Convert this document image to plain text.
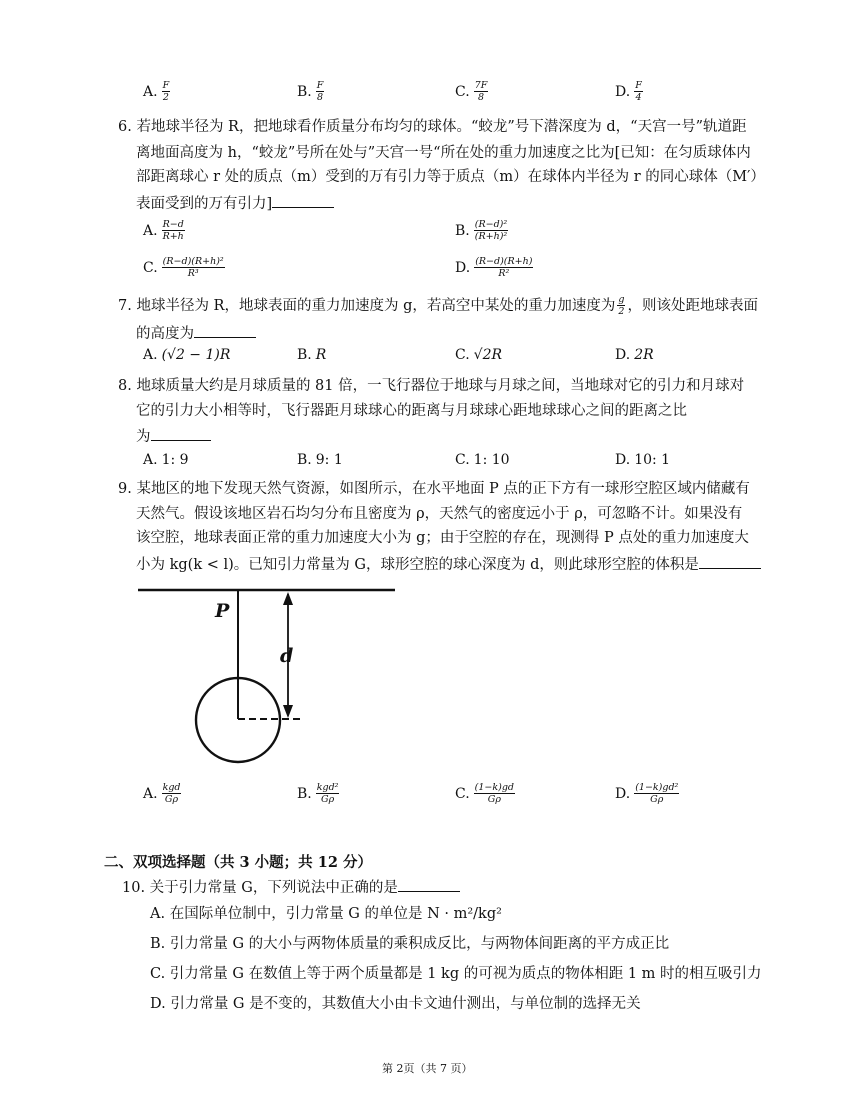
A. $\frac{F}{2}$	B. $\frac{F}{8}$	C. $\frac{7F}{8}$	D. $\frac{F}{4}$
6. 若地球半径为 R，把地球看作质量分布均匀的球体。“蛟龙”号下潜深度为 d，“天宫一号”轨道距
离地面高度为 h，“蛟龙”号所在处与”天宫一号“所在处的重力加速度之比为[已知：在匀质球体内
部距离球心 r 处的质点（m）受到的万有引力等于质点（m）在球体内半径为 r 的同心球体（M′）
表面受到的万有引力]
A. $\frac{R-d}{R+h}$	B. $\frac{\text{(R−d)²}}{\text{(R+h)²}}$
C. $\frac{\text{(R−d)(R+h)²}}{\text{R³}}$	D. $\frac{(R-d)(R+h)}{\text{R²}}$
7. 地球半径为 R，地球表面的重力加速度为 g，若高空中某处的重力加速度为 $\frac{g}{2}$ ，则该处距地球表面
的高度为
A. (√2 − 1)R	B. R	C. √2R	D. 2R
8. 地球质量大约是月球质量的 81 倍，一飞行器位于地球与月球之间，当地球对它的引力和月球对
它的引力大小相等时，飞行器距月球球心的距离与月球球心距地球球心之间的距离之比
为
A. 1: 9	B. 9: 1	C. 1: 10	D. 10: 1
9. 某地区的地下发现天然气资源，如图所示，在水平地面 P 点的正下方有一球形空腔区域内储藏有
天然气。假设该地区岩石均匀分布且密度为 ρ，天然气的密度远小于 ρ，可忽略不计。如果没有
该空腔，地球表面正常的重力加速度大小为 g；由于空腔的存在，现测得 P 点处的重力加速度大
小为 kg(k < l)。已知引力常量为 G，球形空腔的球心深度为 d，则此球形空腔的体积是
P
d
A. $\frac{\text{kgd}}{G\rho}$	B. $\frac{\text{kgd²}}{G\rho}$	C. $\frac{(1-k)gd}{G\rho}$	D. $\frac{\text{(1−k)gd²}}{G\rho}$
二、双项选择题（共 3 小题；共 12 分）
10. 关于引力常量 G，下列说法中正确的是
A. 在国际单位制中，引力常量 G 的单位是 N · m²/kg²
B. 引力常量 G 的大小与两物体质量的乘积成反比，与两物体间距离的平方成正比
C. 引力常量 G 在数值上等于两个质量都是 1 kg 的可视为质点的物体相距 1 m 时的相互吸引力
D. 引力常量 G 是不变的，其数值大小由卡文迪什测出，与单位制的选择无关
第 2页（共 7 页）
